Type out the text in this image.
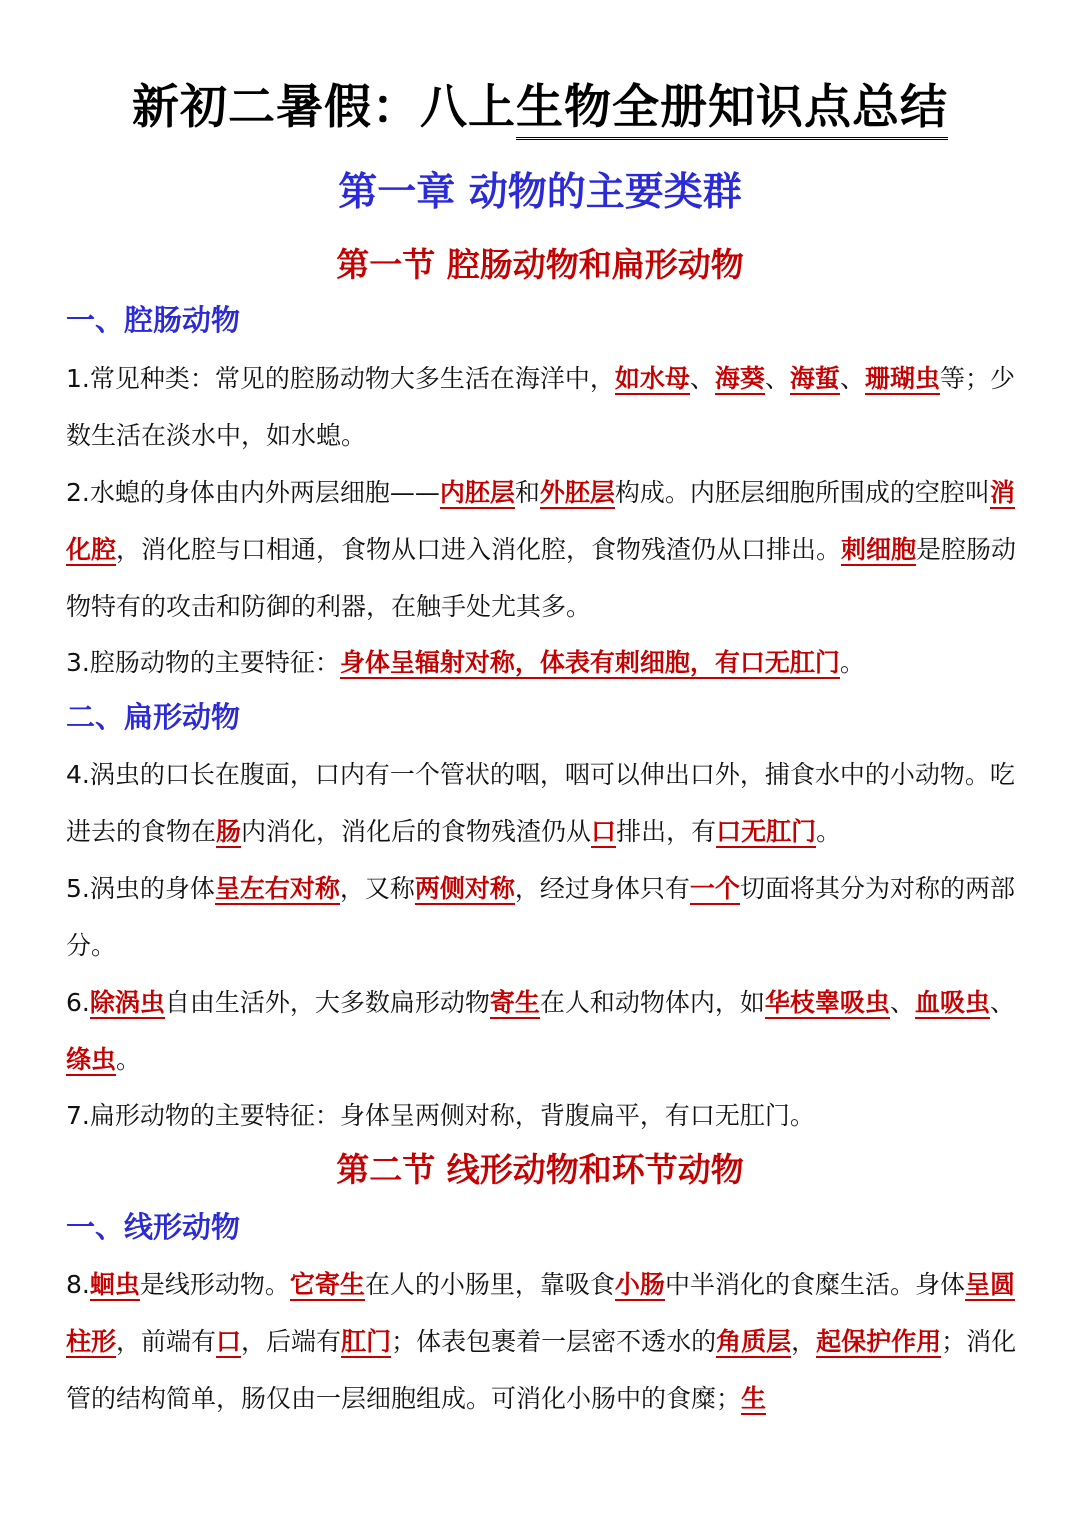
新初二暑假：八上生物全册知识点总结
第一章 动物的主要类群
第一节 腔肠动物和扁形动物
一、腔肠动物
1.常见种类：常见的腔肠动物大多生活在海洋中，如水母、海葵、海蜇、珊瑚虫等；少数生活在淡水中，如水螅。
2.水螅的身体由内外两层细胞——内胚层和外胚层构成。内胚层细胞所围成的空腔叫消化腔，消化腔与口相通，食物从口进入消化腔，食物残渣仍从口排出。刺细胞是腔肠动物特有的攻击和防御的利器，在触手处尤其多。
3.腔肠动物的主要特征：身体呈辐射对称，体表有刺细胞，有口无肛门。
二、扁形动物
4.涡虫的口长在腹面，口内有一个管状的咽，咽可以伸出口外，捕食水中的小动物。吃进去的食物在肠内消化，消化后的食物残渣仍从口排出，有口无肛门。
5.涡虫的身体呈左右对称，又称两侧对称，经过身体只有一个切面将其分为对称的两部分。
6.除涡虫自由生活外，大多数扁形动物寄生在人和动物体内，如华枝睾吸虫、血吸虫、绦虫。
7.扁形动物的主要特征：身体呈两侧对称，背腹扁平，有口无肛门。
第二节 线形动物和环节动物
一、线形动物
8.蛔虫是线形动物。它寄生在人的小肠里，靠吸食小肠中半消化的食糜生活。身体呈圆柱形，前端有口，后端有肛门；体表包裹着一层密不透水的角质层，起保护作用；消化管的结构简单，肠仅由一层细胞组成。可消化小肠中的食糜；生
